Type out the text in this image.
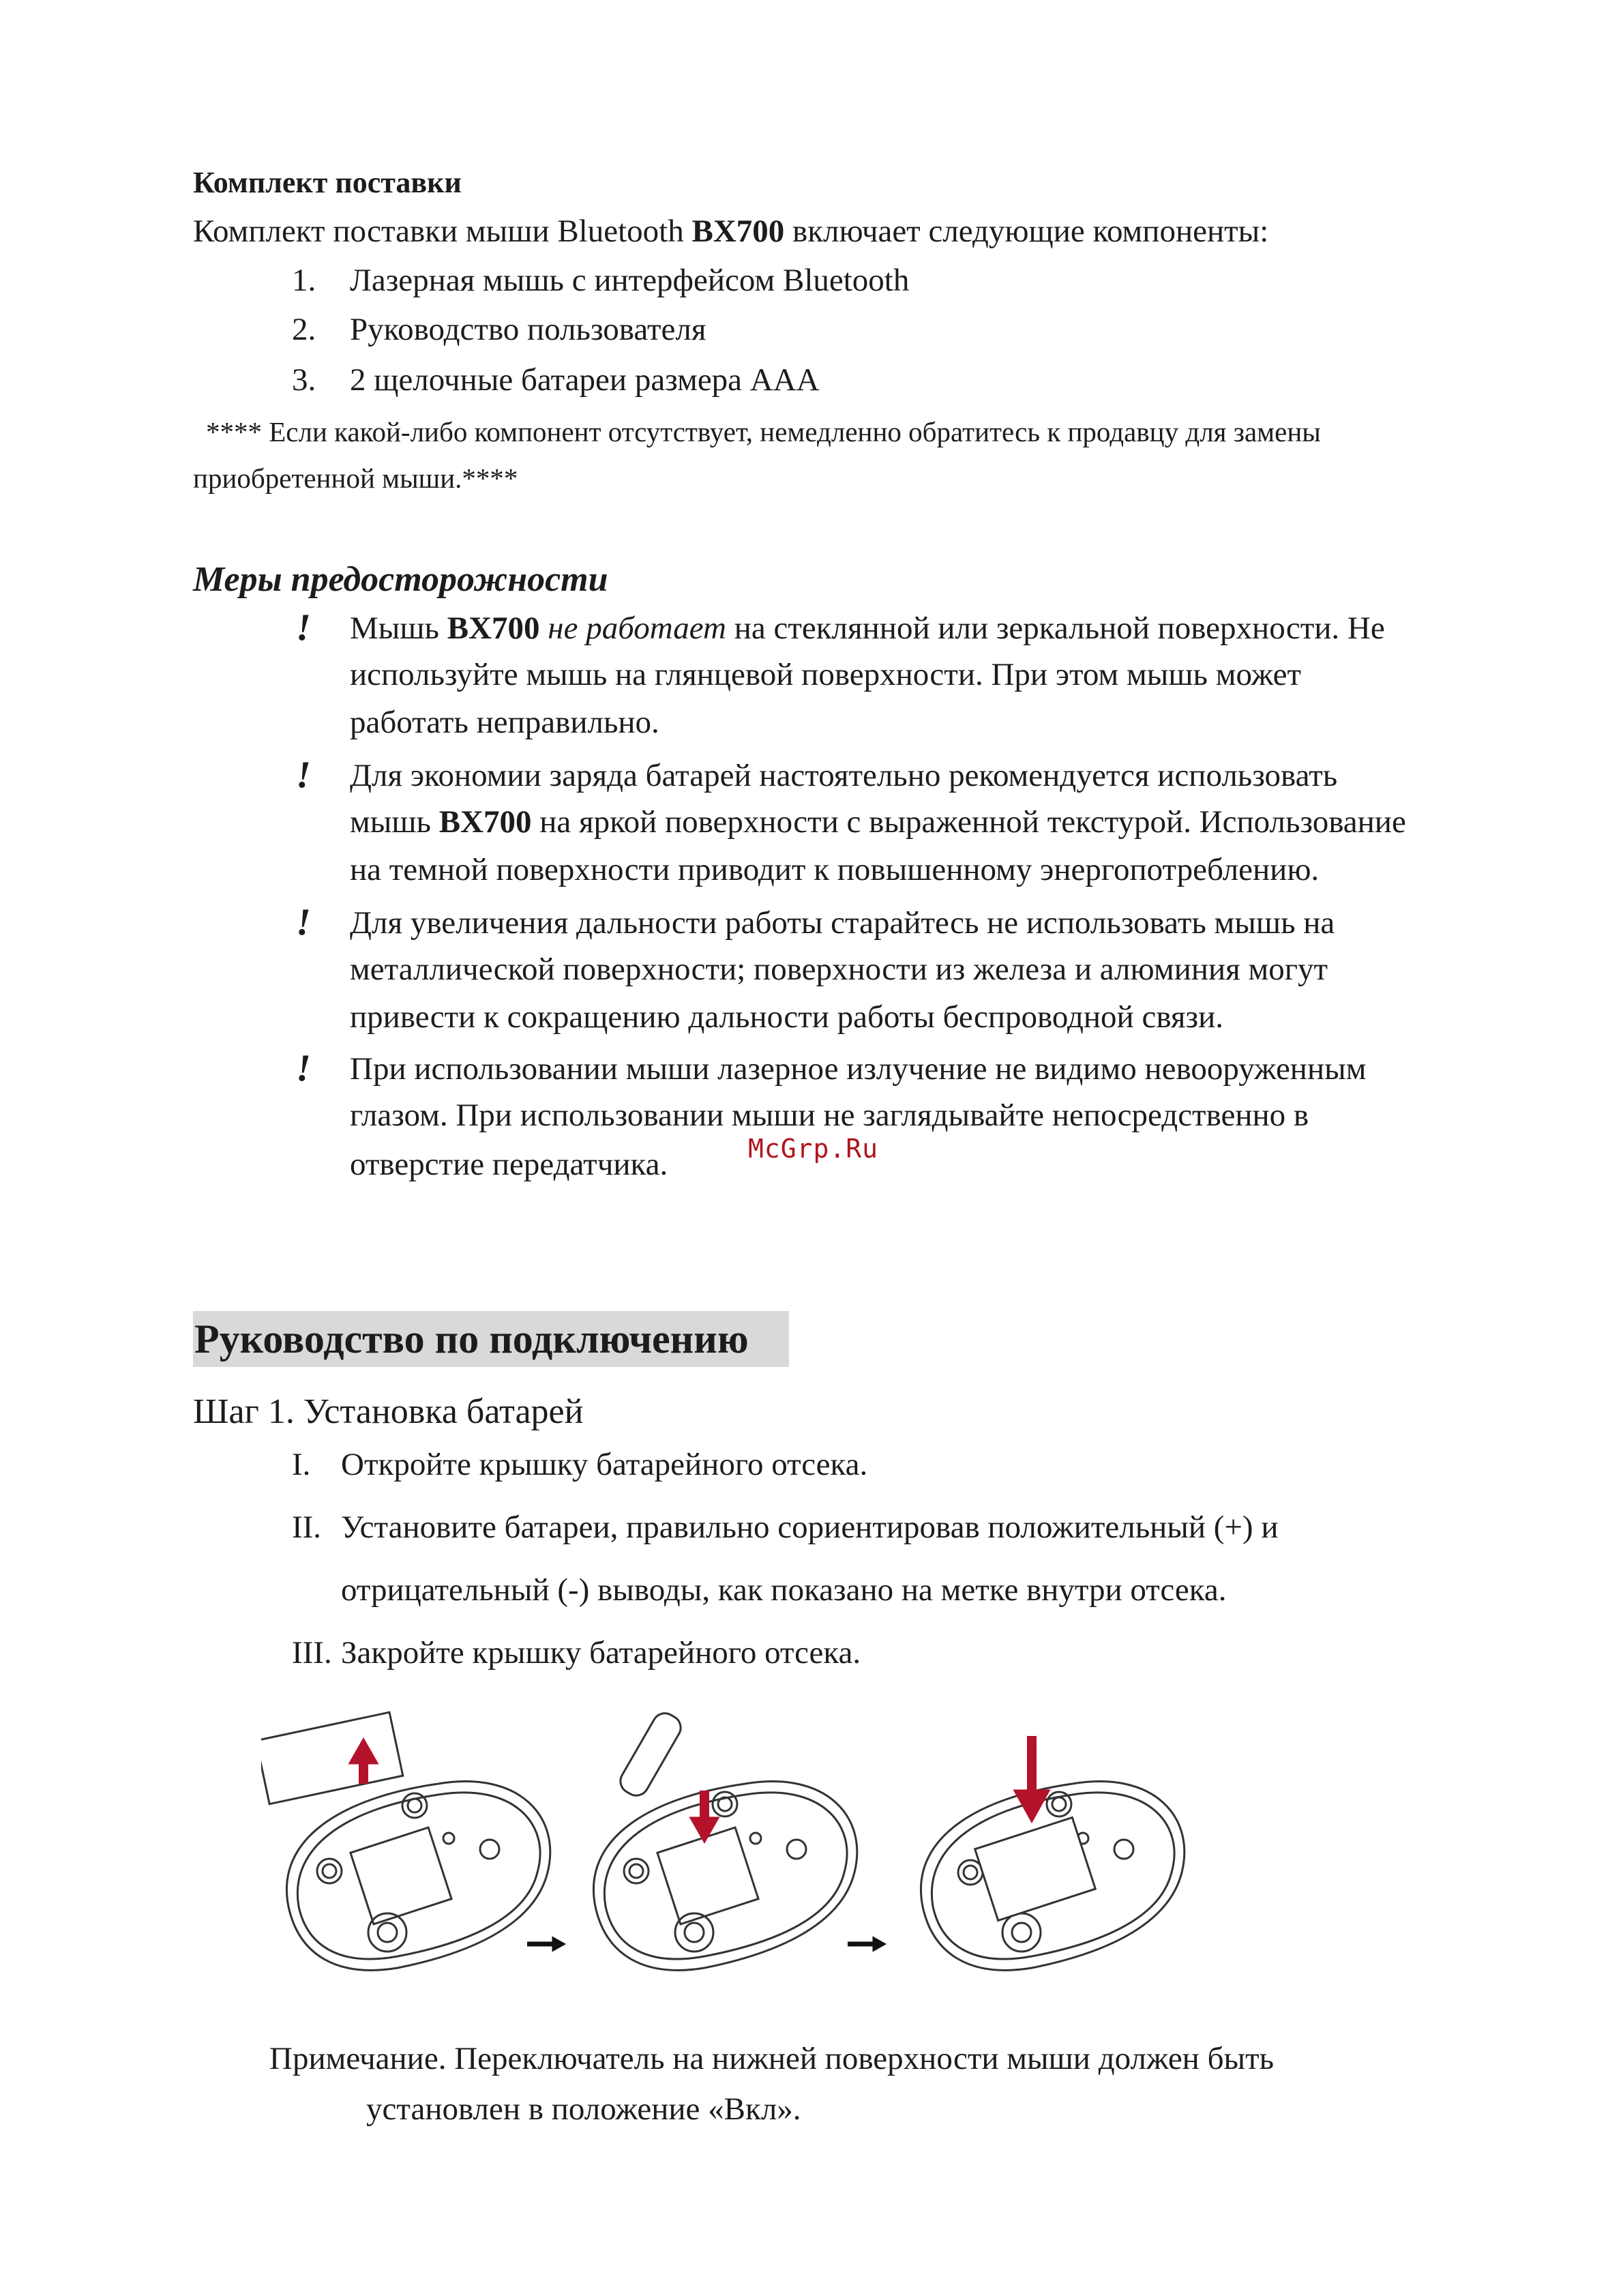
Комплект поставки
Комплект поставки мыши Bluetooth BX700 включает следующие компоненты:
1. Лазерная мышь с интерфейсом Bluetooth
2. Руководство пользователя
3. 2 щелочные батареи размера AAA
**** Если какой-либо компонент отсутствует, немедленно обратитесь к продавцу для замены
приобретенной мыши.****
Меры предосторожности
! Мышь BX700 не работает на стеклянной или зеркальной поверхности. Не
используйте мышь на глянцевой поверхности. При этом мышь может
работать неправильно.
! Для экономии заряда батарей настоятельно рекомендуется использовать
мышь BX700 на яркой поверхности с выраженной текстурой. Использование
на темной поверхности приводит к повышенному энергопотреблению.
! Для увеличения дальности работы старайтесь не использовать мышь на
металлической поверхности; поверхности из железа и алюминия могут
привести к сокращению дальности работы беспроводной связи.
! При использовании мыши лазерное излучение не видимо невооруженным
глазом. При использовании мыши не заглядывайте непосредственно в
отверстие передатчика.	McGrp.Ru
Руководство по подключению
Шаг 1. Установка батарей
I. Откройте крышку батарейного отсека.
II. Установите батареи, правильно сориентировав положительный (+) и
отрицательный (-) выводы, как показано на метке внутри отсека.
III. Закройте крышку батарейного отсека.
Примечание. Переключатель на нижней поверхности мыши должен быть
установлен в положение «Вкл».
